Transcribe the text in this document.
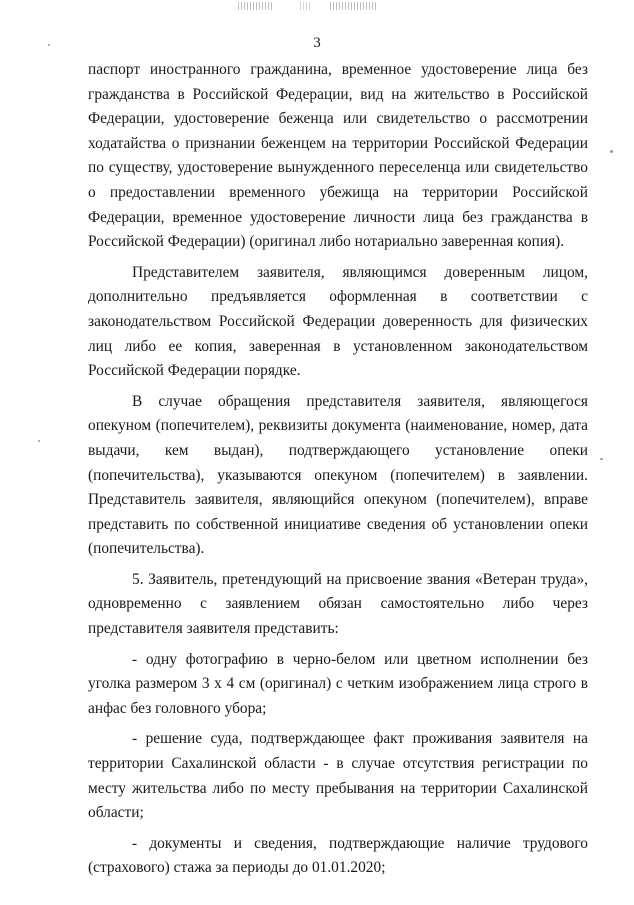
3

паспорт иностранного гражданина, временное удостоверение лица без гражданства в Российской Федерации, вид на жительство в Российской Федерации, удостоверение беженца или свидетельство о рассмотрении ходатайства о признании беженцем на территории Российской Федерации по существу, удостоверение вынужденного переселенца или свидетельство о предоставлении временного убежища на территории Российской Федерации, временное удостоверение личности лица без гражданства в Российской Федерации) (оригинал либо нотариально заверенная копия).

Представителем заявителя, являющимся доверенным лицом, дополнительно предъявляется оформленная в соответствии с законодательством Российской Федерации доверенность для физических лиц либо ее копия, заверенная в установленном законодательством Российской Федерации порядке.

В случае обращения представителя заявителя, являющегося опекуном (попечителем), реквизиты документа (наименование, номер, дата выдачи, кем выдан), подтверждающего установление опеки (попечительства), указываются опекуном (попечителем) в заявлении. Представитель заявителя, являющийся опекуном (попечителем), вправе представить по собственной инициативе сведения об установлении опеки (попечительства).

5. Заявитель, претендующий на присвоение звания «Ветеран труда», одновременно с заявлением обязан самостоятельно либо через представителя заявителя представить:

- одну фотографию в черно-белом или цветном исполнении без уголка размером 3 х 4 см (оригинал) с четким изображением лица строго в анфас без головного убора;

- решение суда, подтверждающее факт проживания заявителя на территории Сахалинской области - в случае отсутствия регистрации по месту жительства либо по месту пребывания на территории Сахалинской области;

- документы и сведения, подтверждающие наличие трудового (страхового) стажа за периоды до 01.01.2020;
